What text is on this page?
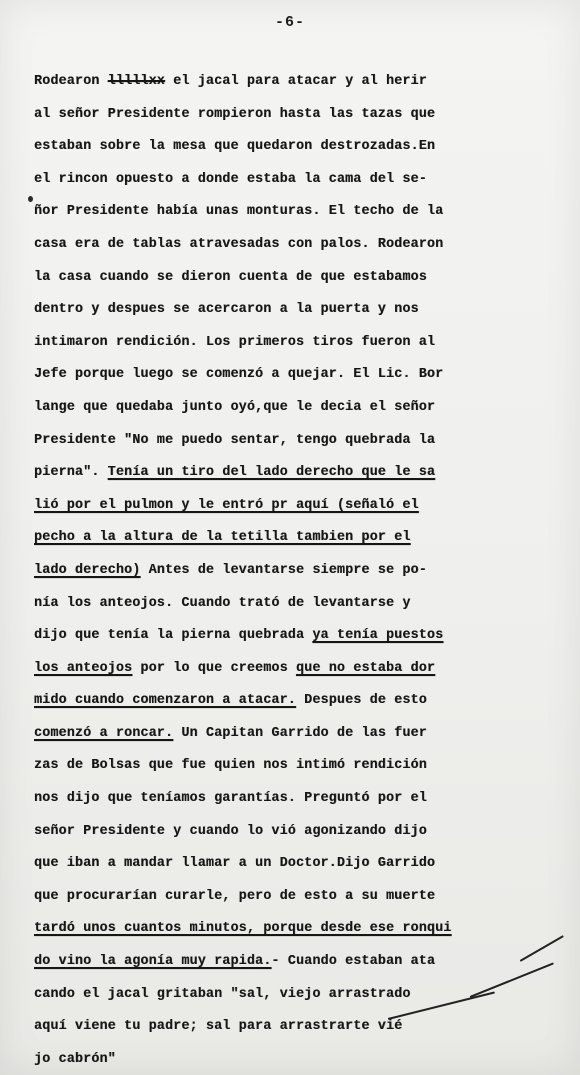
-6-
Rodearon lllllxx el jacal para atacar y al herir
al señor Presidente rompieron hasta las tazas que
estaban sobre la mesa que quedaron destrozadas.En
el rincon opuesto a donde estaba la cama del se-
ñor Presidente había unas monturas. El techo de la
casa era de tablas atravesadas con palos. Rodearon
la casa cuando se dieron cuenta de que estabamos
dentro y despues se acercaron a la puerta y nos
intimaron rendición. Los primeros tiros fueron al
Jefe porque luego se comenzó a quejar. El Lic. Bor
lange que quedaba junto oyó,que le decia el señor
Presidente "No me puedo sentar, tengo quebrada la
pierna". Tenía un tiro del lado derecho que le sa
lió por el pulmon y le entró pr aquí (señaló el
pecho a la altura de la tetilla tambien por el
lado derecho) Antes de levantarse siempre se po-
nía los anteojos. Cuando trató de levantarse y
dijo que tenía la pierna quebrada ya tenía puestos
los anteojos por lo que creemos que no estaba dor
mido cuando comenzaron a atacar. Despues de esto
comenzó a roncar. Un Capitan Garrido de las fuer
zas de Bolsas que fue quien nos intimó rendición
nos dijo que teníamos garantías. Preguntó por el
señor Presidente y cuando lo vió agonizando dijo
que iban a mandar llamar a un Doctor.Dijo Garrido
que procurarían curarle, pero de esto a su muerte
tardó unos cuantos minutos, porque desde ese ronqui
do vino la agonía muy rapida.- Cuando estaban ata
cando el jacal gritaban "sal, viejo arrastrado
aquí viene tu padre; sal para arrastrarte vié
jo cabrón"
